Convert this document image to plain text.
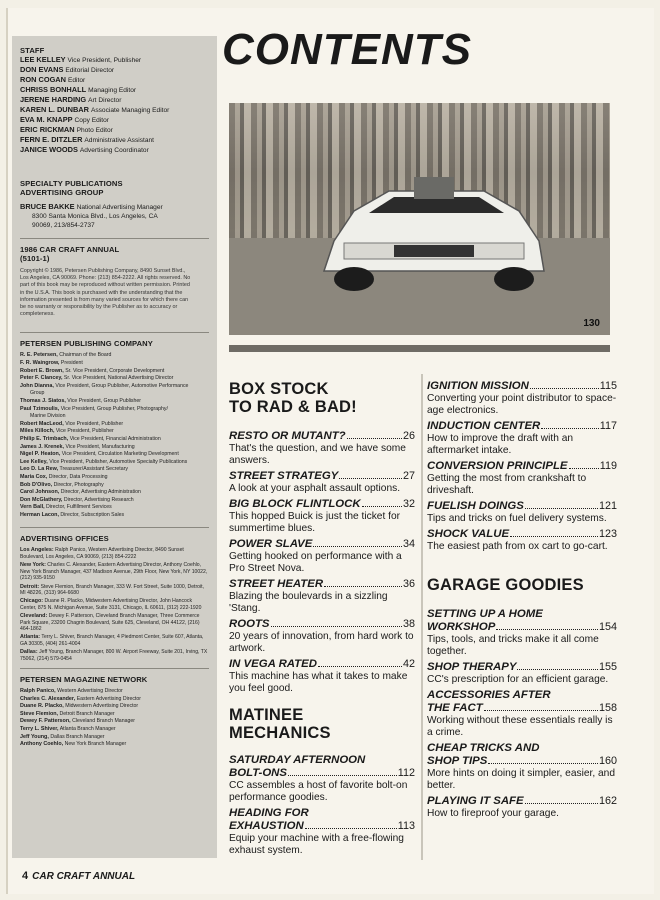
STAFF

LEE KELLEY Vice President, Publisher

DON EVANS Editorial Director

RON COGAN Editor

CHRISS BONHALL Managing Editor

JERENE HARDING Art Director

KAREN L. DUNBAR Associate Managing Editor

EVA M. KNAPP Copy Editor

ERIC RICKMAN Photo Editor

FERN E. DITZLER Administrative Assistant

JANICE WOODS Advertising Coordinator

SPECIALTY PUBLICATIONS

ADVERTISING GROUP

BRUCE BAKKE National Advertising Manager

8300 Santa Monica Blvd., Los Angeles, CA

90069, 213/854-2737

1986 CAR CRAFT ANNUAL

(5101-1)

Copyright © 1986, Petersen Publishing Company, 8490 Sunset Blvd.,

Los Angeles, CA 90069. Phone: (213) 854-2222. All rights reserved. No

part of this book may be reproduced without written permission. Printed

in the U.S.A. This book is purchased with the understanding that the

information presented is from many varied sources for which there can

be no warranty or responsibility by the Publisher as to accuracy or

completeness.

PETERSEN PUBLISHING COMPANY

R. E. Petersen, Chairman of the Board

F. R. Waingrow, President

Robert E. Brown, Sr. Vice President, Corporate Development

Peter F. Clancey, Sr. Vice President, National Advertising Director

John Dianna, Vice President, Group Publisher, Automotive Performance

Group

Thomas J. Siatos, Vice President, Group Publisher

Paul Tzimoulis, Vice President, Group Publisher, Photography/

Marine Division

Robert MacLeod, Vice President, Publisher

Miles Killoch, Vice President, Publisher

Philip E. Trimbach, Vice President, Financial Administration

James J. Krenek, Vice President, Manufacturing

Nigel P. Heaton, Vice President, Circulation Marketing Development

Lee Kelley, Vice President, Publisher, Automotive Specialty Publications

Leo D. La Rew, Treasurer/Assistant Secretary

Maria Cox, Director, Data Processing

Bob D'Olivo, Director, Photography

Carol Johnson, Director, Advertising Administration

Don McGlathery, Director, Advertising Research

Vern Ball, Director, Fulfillment Services

Herman Lacon, Director, Subscription Sales

ADVERTISING OFFICES

Los Angeles: Ralph Panico, Western Advertising Director, 8490 Sunset Boulevard, Los Angeles, CA 90069, (213) 854-2222

New York: Charles C. Alexander, Eastern Advertising Director, Anthony Coehlo, New York Branch Manager, 437 Madison Avenue, 29th Floor, New York, NY 10022, (212) 935-9150

Detroit: Steve Flemion, Branch Manager, 333 W. Fort Street, Suite 1000, Detroit, MI 48226, (313) 964-6680

Chicago: Duane R. Placko, Midwestern Advertising Director, John Hancock Center, 875 N. Michigan Avenue, Suite 3131, Chicago, IL 60611, (312) 222-1920

Cleveland: Dewey F. Patterson, Cleveland Branch Manager, Three Commerce Park Square, 23200 Chagrin Boulevard, Suite 625, Cleveland, OH 44122, (216) 464-1862

Atlanta: Terry L. Shiver, Branch Manager, 4 Piedmont Center, Suite 607, Atlanta, GA 30305, (404) 261-4004

Dallas: Jeff Young, Branch Manager, 800 W. Airport Freeway, Suite 201, Irving, TX 75062, (214) 579-0454

PETERSEN MAGAZINE NETWORK

Ralph Panico, Western Advertising Director

Charles C. Alexander, Eastern Advertising Director

Duane R. Placko, Midwestern Advertising Director

Steve Flemion, Detroit Branch Manager

Dewey F. Patterson, Cleveland Branch Manager

Terry L. Shiver, Atlanta Branch Manager

Jeff Young, Dallas Branch Manager

Anthony Coehlo, New York Branch Manager

CONTENTS
130

BOX STOCK

TO RAD & BAD!

RESTO OR MUTANT?	26

That's the question, and we have some answers.

STREET STRATEGY	27

A look at your asphalt assault options.

BIG BLOCK FLINTLOCK	32

This hopped Buick is just the ticket for summertime blues.

POWER SLAVE	34

Getting hooked on performance with a Pro Street Nova.

STREET HEATER	36

Blazing the boulevards in a sizzling 'Stang.

ROOTS	38

20 years of innovation, from hard work to artwork.

IN VEGA RATED	42

This machine has what it takes to make you feel good.

MATINEE

MECHANICS

SATURDAY AFTERNOON
BOLT-ONS	112

CC assembles a host of favorite bolt-on performance goodies.

HEADING FOR
EXHAUSTION	113

Equip your machine with a free-flowing exhaust system.

IGNITION MISSION	115

Converting your point distributor to space-age electronics.

INDUCTION CENTER	117

How to improve the draft with an aftermarket intake.

CONVERSION PRINCIPLE	119

Getting the most from crankshaft to driveshaft.

FUELISH DOINGS	121

Tips and tricks on fuel delivery systems.

SHOCK VALUE	123

The easiest path from ox cart to go-cart.

GARAGE GOODIES

SETTING UP A HOME
WORKSHOP	154

Tips, tools, and tricks make it all come together.

SHOP THERAPY	155

CC's prescription for an efficient garage.

ACCESSORIES AFTER
THE FACT	158

Working without these essentials really is a crime.

CHEAP TRICKS AND
SHOP TIPS	160

More hints on doing it simpler, easier, and better.

PLAYING IT SAFE	162

How to fireproof your garage.

4 CAR CRAFT ANNUAL
